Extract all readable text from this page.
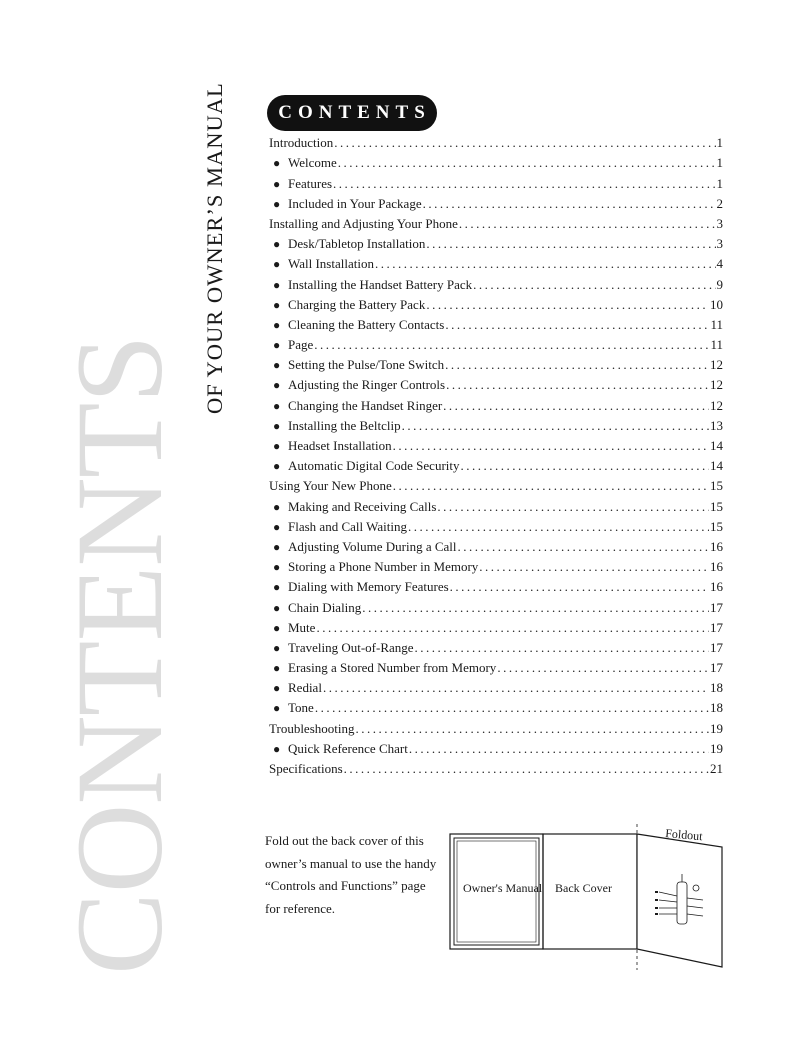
CONTENTS
OF YOUR OWNER’S MANUAL	CONTENTS
Introduction .....	1
● Welcome .....	1
● Features .....	1
● Included in Your Package .....	2
Installing and Adjusting Your Phone .....	3
● Desk/Tabletop Installation .....	3
● Wall Installation .....	4
● Installing the Handset Battery Pack .....	9
● Charging the Battery Pack .....	10
● Cleaning the Battery Contacts .....	11
● Page .....	11
● Setting the Pulse/Tone Switch .....	12
● Adjusting the Ringer Controls .....	12
● Changing the Handset Ringer .....	12
● Installing the Beltclip .....	13
● Headset Installation .....	14
● Automatic Digital Code Security .....	14
Using Your New Phone .....	15
● Making and Receiving Calls .....	15
● Flash and Call Waiting .....	15
● Adjusting Volume During a Call .....	16
● Storing a Phone Number in Memory .....	16
● Dialing with Memory Features .....	16
● Chain Dialing .....	17
● Mute .....	17
● Traveling Out-of-Range .....	17
● Erasing a Stored Number from Memory .....	17
● Redial .....	18
● Tone .....	18
Troubleshooting .....	19
● Quick Reference Chart .....	19
Specifications .....	21
Fold out the back cover of this
owner’s manual to use the handy
“Controls and Functions” page
for reference.
Owner's Manual Back Cover
Foldout
